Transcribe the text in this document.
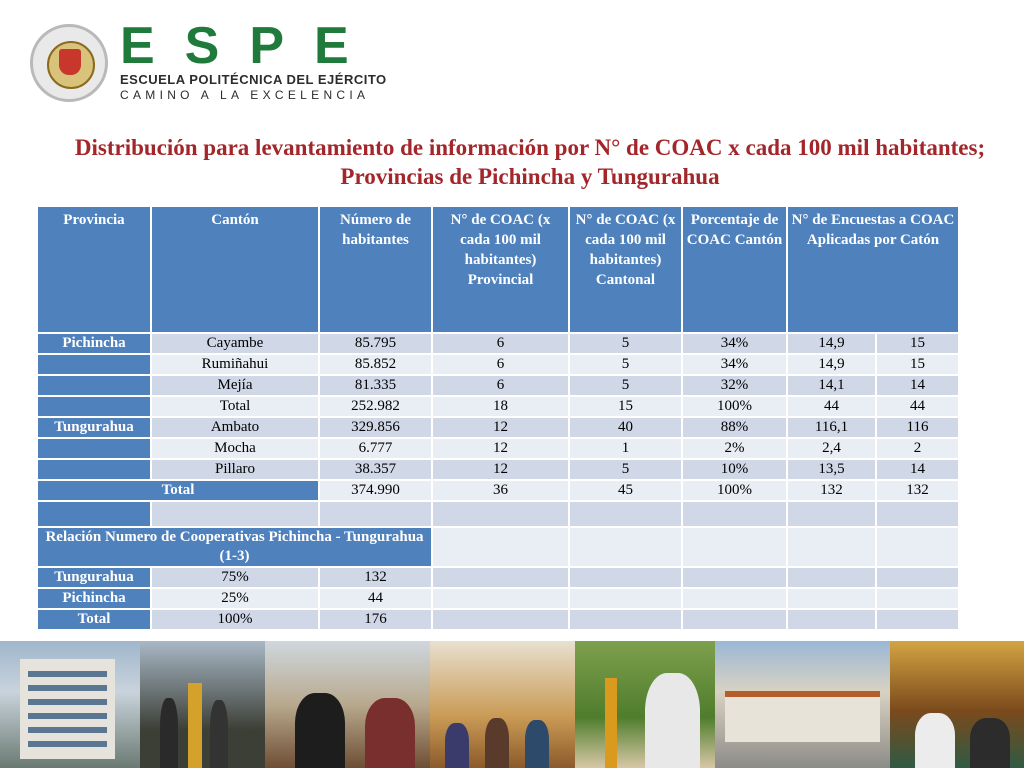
ESPE
ESCUELA POLITÉCNICA DEL EJÉRCITO
CAMINO A LA EXCELENCIA
Distribución para levantamiento de información por N° de COAC x cada 100 mil habitantes; Provincias de Pichincha y Tungurahua
Provincia	Cantón	Número de habitantes	N° de COAC (x cada 100 mil habitantes) Provincial	N° de COAC (x cada 100 mil habitantes) Cantonal	Porcentaje de COAC Cantón	N° de Encuestas a COAC Aplicadas por Catón	
Pichincha	Cayambe	85.795	6	5	34%	14,9	15
	Rumiñahui	85.852	6	5	34%	14,9	15
	Mejía	81.335	6	5	32%	14,1	14
	Total	252.982	18	15	100%	44	44
Tungurahua	Ambato	329.856	12	40	88%	116,1	116
	Mocha	6.777	12	1	2%	2,4	2
	Pillaro	38.357	12	5	10%	13,5	14
Total		374.990	36	45	100%	132	132

Relación Numero de Cooperativas Pichincha - Tungurahua (1-3)							
Tungurahua	75%	132					
Pichincha	25%	44					
Total	100%	176					
